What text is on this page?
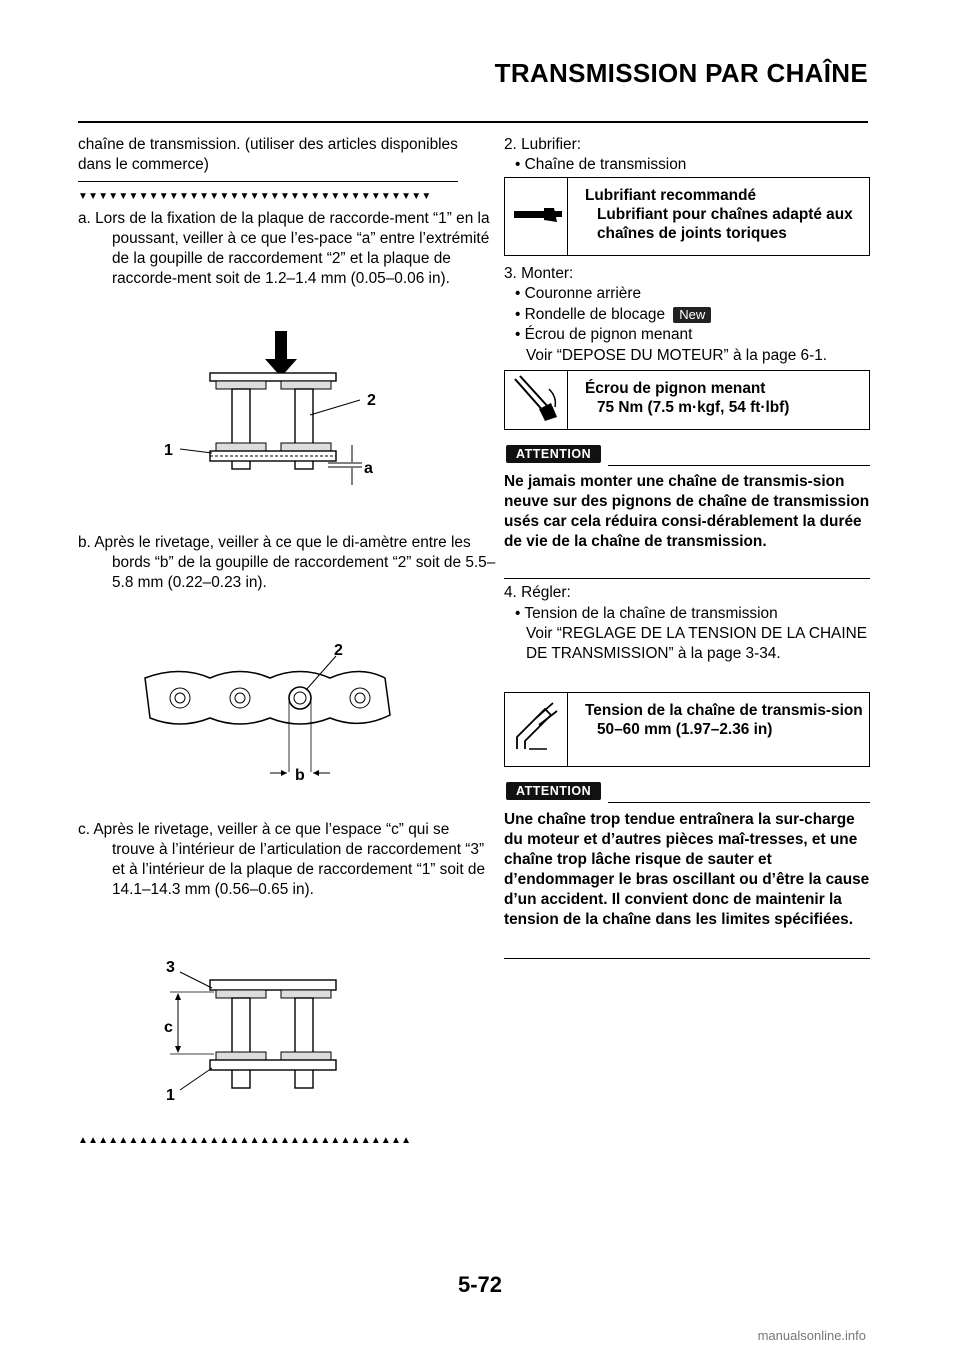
TRANSMISSION PAR CHAÎNE
chaîne de transmission. (utiliser des articles disponibles dans le commerce)
▼▼▼▼▼▼▼▼▼▼▼▼▼▼▼▼▼▼▼▼▼▼▼▼▼▼▼▼▼▼▼▼▼▼▼
a. Lors de la fixation de la plaque de raccorde-ment “1” en la poussant, veiller à ce que l’es-pace “a” entre l’extrémité de la goupille de raccordement “2” et la plaque de raccorde-ment soit de 1.2–1.4 mm (0.05–0.06 in).
2
1
a
b. Après le rivetage, veiller à ce que le di-amètre entre les bords “b” de la goupille de raccordement “2” soit de 5.5–5.8 mm (0.22–0.23 in).
2
b
c. Après le rivetage, veiller à ce que l’espace “c” qui se trouve à l’intérieur de l’articulation de raccordement “3” et à l’intérieur de la plaque de raccordement “1” soit de 14.1–14.3 mm (0.56–0.65 in).
3
c
1
▲▲▲▲▲▲▲▲▲▲▲▲▲▲▲▲▲▲▲▲▲▲▲▲▲▲▲▲▲▲▲▲▲
2. Lubrifier:
• Chaîne de transmission
Lubrifiant recommandé
Lubrifiant pour chaînes adapté aux chaînes de joints toriques
3. Monter:
• Couronne arrière
• Rondelle de blocage New
• Écrou de pignon menant
Voir “DEPOSE DU MOTEUR” à la page 6-1.
Écrou de pignon menant
75 Nm (7.5 m·kgf, 54 ft·lbf)
ATTENTION
Ne jamais monter une chaîne de transmis-sion neuve sur des pignons de chaîne de transmission usés car cela réduira consi-dérablement la durée de vie de la chaîne de transmission.
4. Régler:
• Tension de la chaîne de transmission
Voir “REGLAGE DE LA TENSION DE LA CHAINE DE TRANSMISSION” à la page 3-34.
Tension de la chaîne de transmis-sion
50–60 mm (1.97–2.36 in)
ATTENTION
Une chaîne trop tendue entraînera la sur-charge du moteur et d’autres pièces maî-tresses, et une chaîne trop lâche risque de sauter et d’endommager le bras oscillant ou d’être la cause d’un accident. Il convient donc de maintenir la tension de la chaîne dans les limites spécifiées.
5-72
manualsonline.info
